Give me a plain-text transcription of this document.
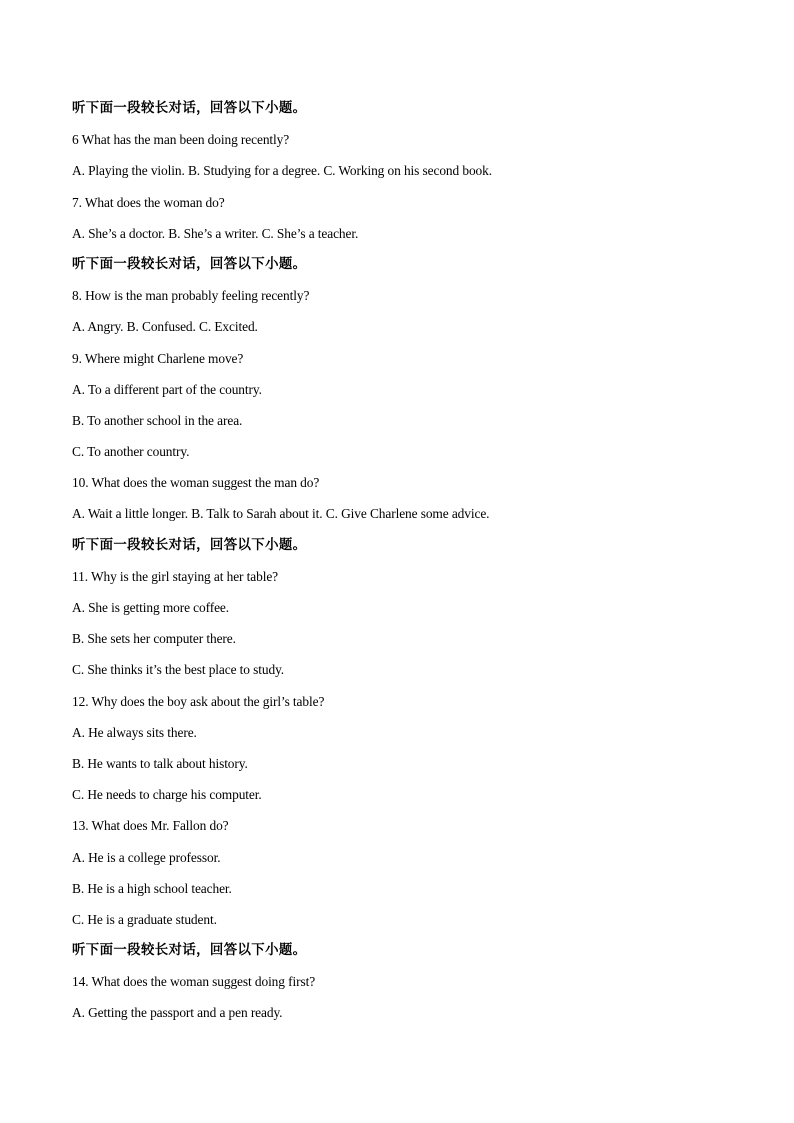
听下面一段较长对话，回答以下小题。
6 What has the man been doing recently?
A. Playing the violin. B. Studying for a degree. C. Working on his second book.
7. What does the woman do?
A. She’s a doctor. B. She’s a writer. C. She’s a teacher.
听下面一段较长对话，回答以下小题。
8. How is the man probably feeling recently?
A. Angry. B. Confused. C. Excited.
9. Where might Charlene move?
A. To a different part of the country.
B. To another school in the area.
C. To another country.
10. What does the woman suggest the man do?
A. Wait a little longer. B. Talk to Sarah about it. C. Give Charlene some advice.
听下面一段较长对话，回答以下小题。
11. Why is the girl staying at her table?
A. She is getting more coffee.
B. She sets her computer there.
C. She thinks it’s the best place to study.
12. Why does the boy ask about the girl’s table?
A. He always sits there.
B. He wants to talk about history.
C. He needs to charge his computer.
13. What does Mr. Fallon do?
A. He is a college professor.
B. He is a high school teacher.
C. He is a graduate student.
听下面一段较长对话，回答以下小题。
14. What does the woman suggest doing first?
A. Getting the passport and a pen ready.
